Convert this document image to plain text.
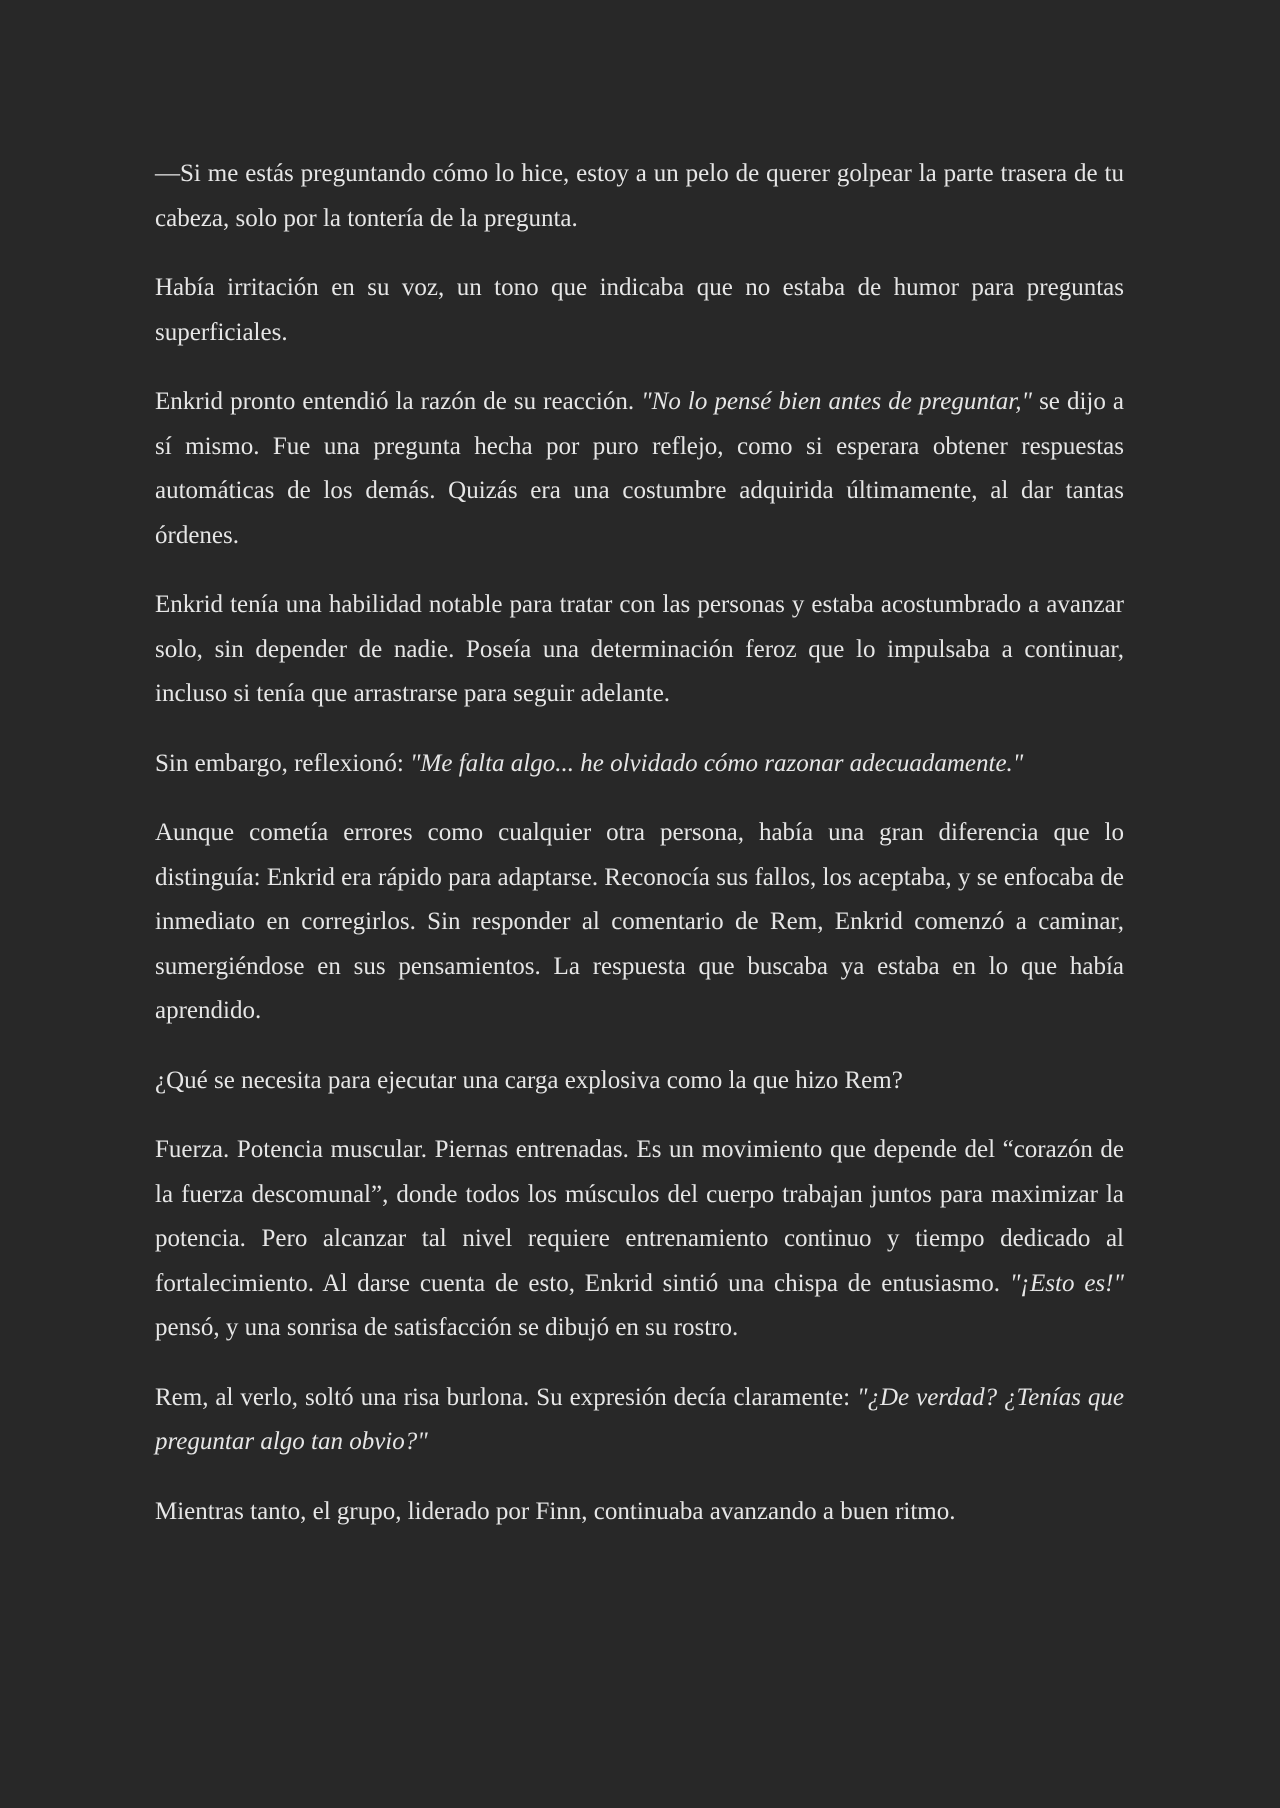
—Si me estás preguntando cómo lo hice, estoy a un pelo de querer golpear la parte trasera de tu cabeza, solo por la tontería de la pregunta.

Había irritación en su voz, un tono que indicaba que no estaba de humor para preguntas superficiales.

Enkrid pronto entendió la razón de su reacción. "No lo pensé bien antes de preguntar," se dijo a sí mismo. Fue una pregunta hecha por puro reflejo, como si esperara obtener respuestas automáticas de los demás. Quizás era una costumbre adquirida últimamente, al dar tantas órdenes.

Enkrid tenía una habilidad notable para tratar con las personas y estaba acostumbrado a avanzar solo, sin depender de nadie. Poseía una determinación feroz que lo impulsaba a continuar, incluso si tenía que arrastrarse para seguir adelante.

Sin embargo, reflexionó: "Me falta algo... he olvidado cómo razonar adecuadamente."

Aunque cometía errores como cualquier otra persona, había una gran diferencia que lo distinguía: Enkrid era rápido para adaptarse. Reconocía sus fallos, los aceptaba, y se enfocaba de inmediato en corregirlos. Sin responder al comentario de Rem, Enkrid comenzó a caminar, sumergiéndose en sus pensamientos. La respuesta que buscaba ya estaba en lo que había aprendido.

¿Qué se necesita para ejecutar una carga explosiva como la que hizo Rem?

Fuerza. Potencia muscular. Piernas entrenadas. Es un movimiento que depende del “corazón de la fuerza descomunal”, donde todos los músculos del cuerpo trabajan juntos para maximizar la potencia. Pero alcanzar tal nivel requiere entrenamiento continuo y tiempo dedicado al fortalecimiento. Al darse cuenta de esto, Enkrid sintió una chispa de entusiasmo. "¡Esto es!" pensó, y una sonrisa de satisfacción se dibujó en su rostro.

Rem, al verlo, soltó una risa burlona. Su expresión decía claramente: "¿De verdad? ¿Tenías que preguntar algo tan obvio?"

Mientras tanto, el grupo, liderado por Finn, continuaba avanzando a buen ritmo.
